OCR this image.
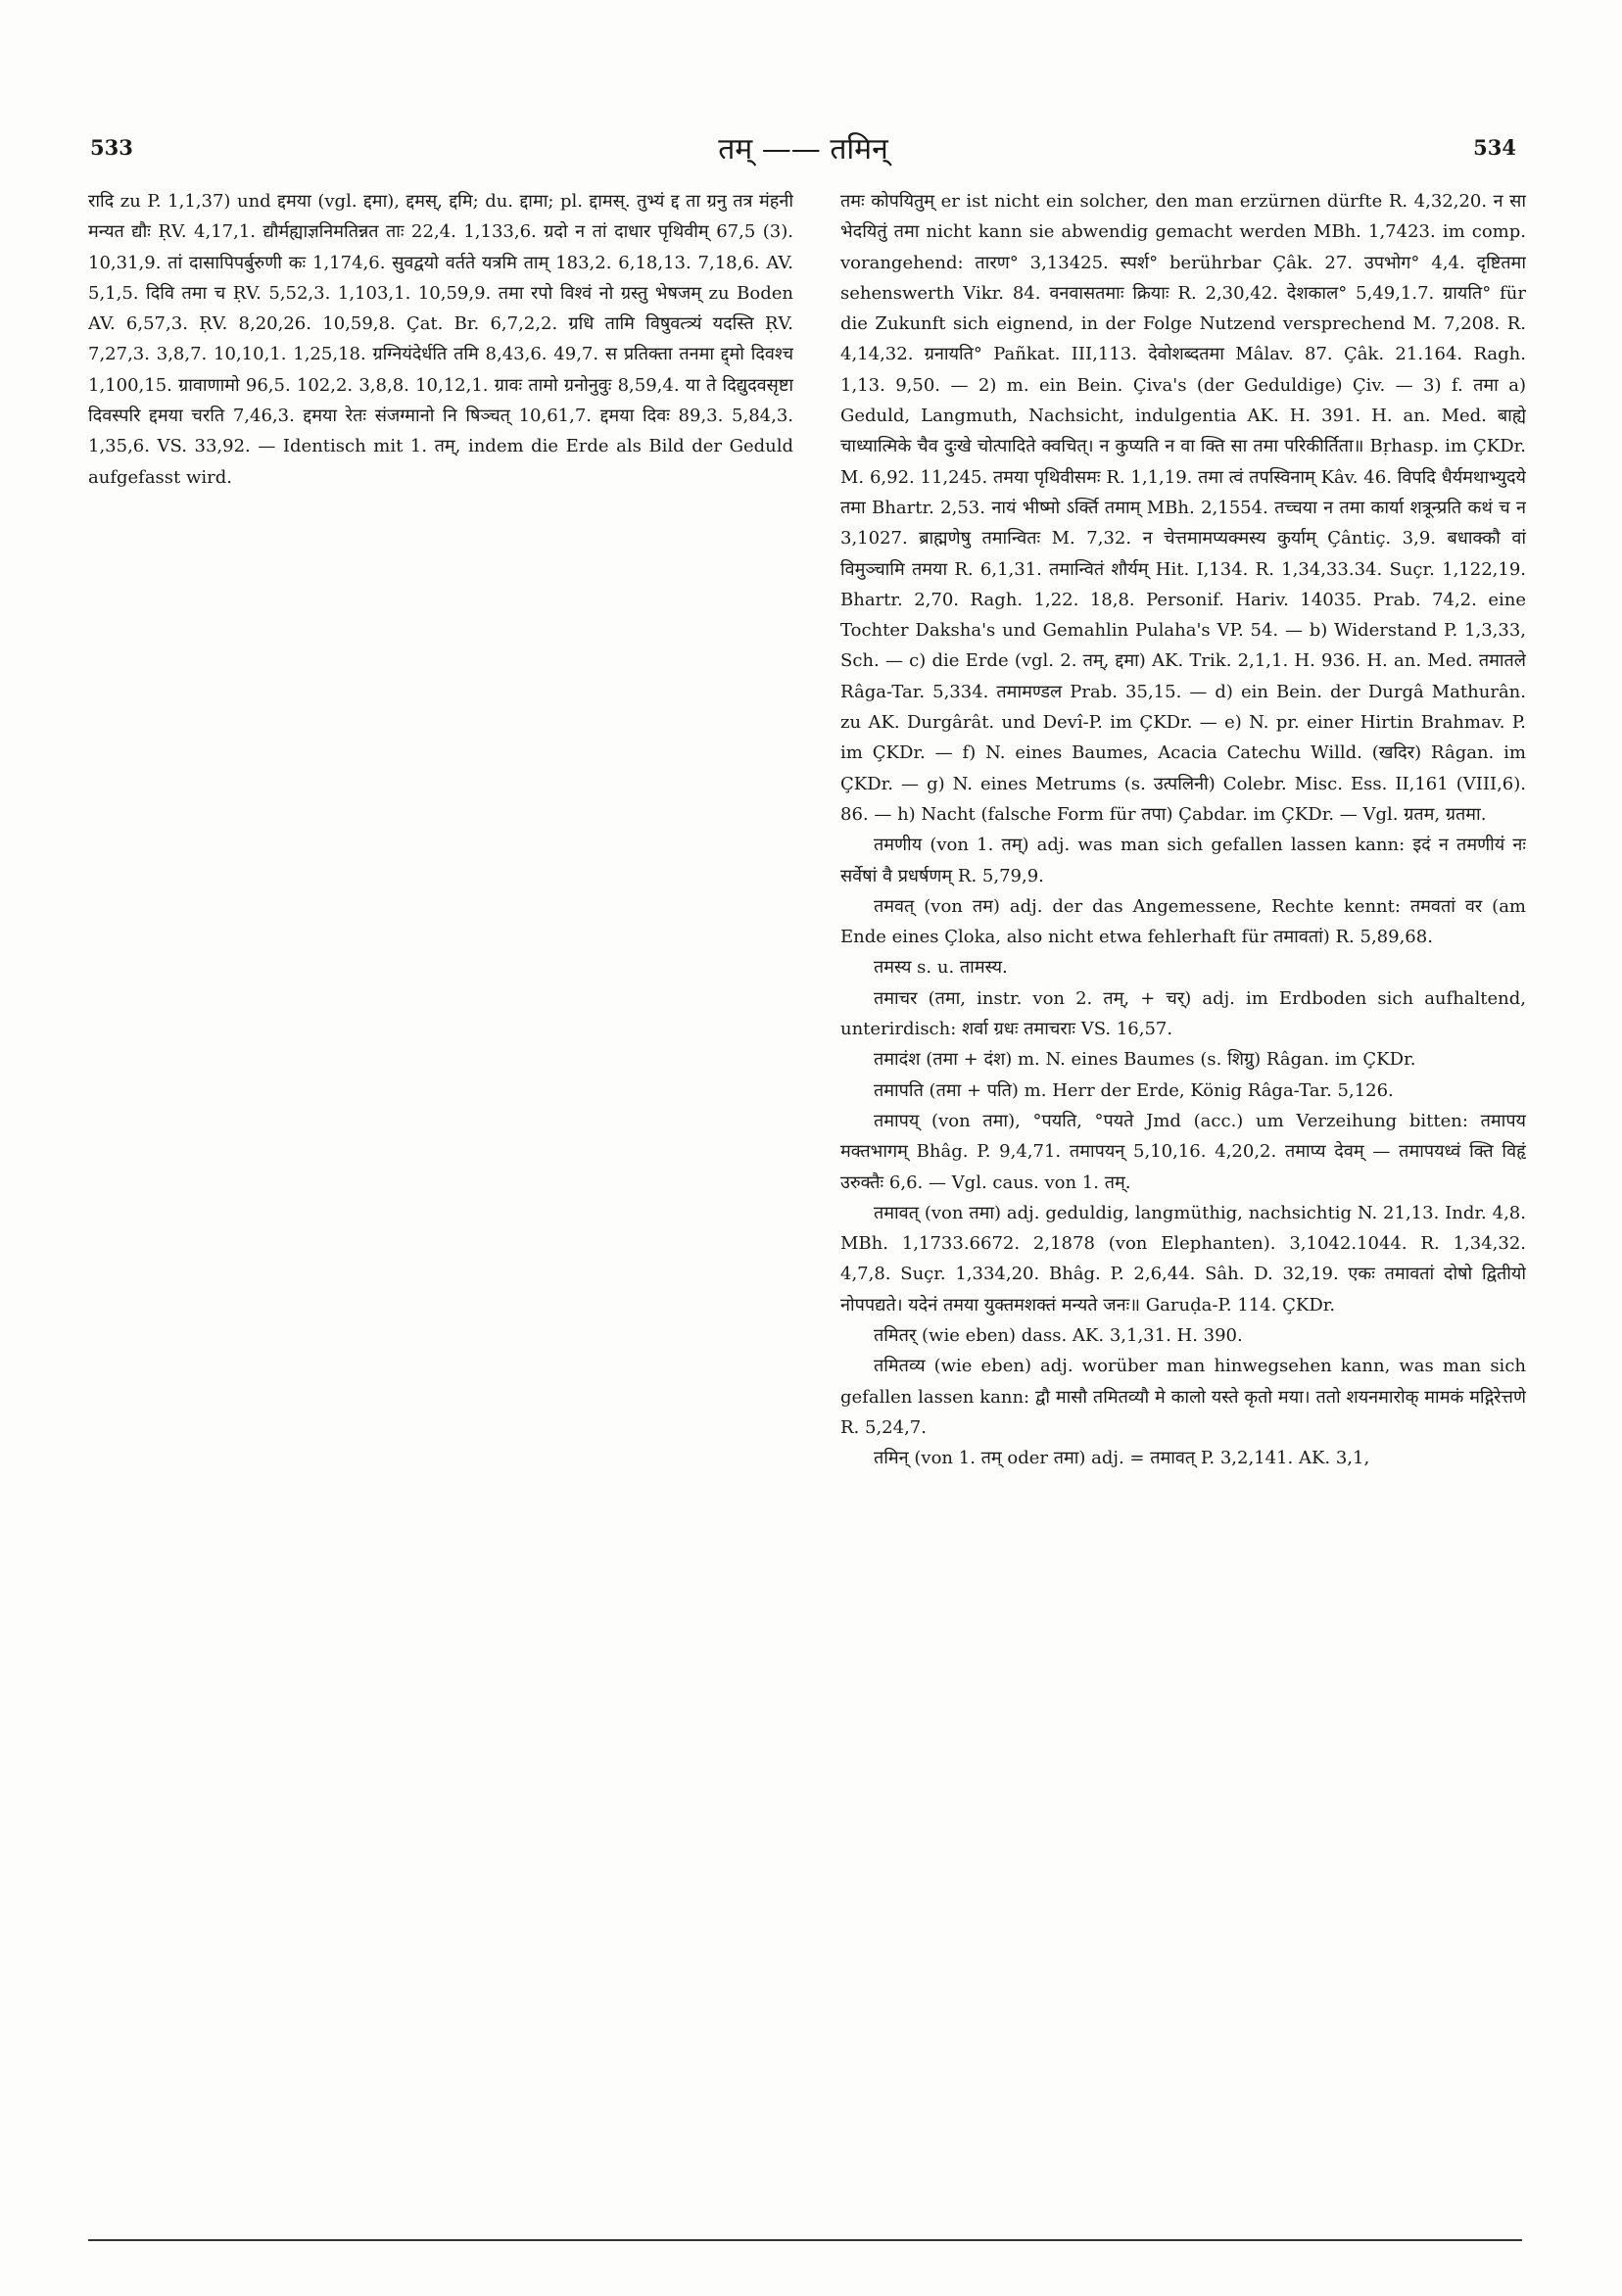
533	तम् —— तमिन्	534

रादि zu P. 1,1,37) und द्दमया (vgl. द्दमा), द्दमस्, द्दमि; du. द्दामा; pl. द्दामस्. तुभ्यं द्द ता ग्रनु तत्र मंहनी मन्यत द्यौः ṚV. 4,17,1. द्यौर्मह्याज्ञनिमतिन्नत ताः 22,4. 1,133,6. ग्रदो न तां दाधार पृथिवीम् 67,5 (3). 10,31,9. तां दासापिपर्बुरुणी कः 1,174,6. सुवद्वयो वर्तते यत्रमि ताम् 183,2. 6,18,13. 7,18,6. AV. 5,1,5. दिवि तमा च ṚV. 5,52,3. 1,103,1. 10,59,9. तमा रपो विश्वं नो ग्रस्तु भेषजम् zu Boden AV. 6,57,3. ṚV. 8,20,26. 10,59,8. Çat. Br. 6,7,2,2. ग्रधि तामि विषुवत्त्र्यं यदस्ति ṚV. 7,27,3. 3,8,7. 10,10,1. 1,25,18. ग्रग्नियंदेर्धति तमि 8,43,6. 49,7. स प्रतिक्ता तनमा द्द्मो दिवश्च 1,100,15. ग्रावाणामो 96,5. 102,2. 3,8,8. 10,12,1. ग्रावः तामो ग्रनोनुवुः 8,59,4. या ते दिद्युदवसृष्टा दिवस्परि द्दमया चरति 7,46,3. द्दमया रेतः संजग्मानो नि षिञ्चत् 10,61,7. द्दमया दिवः 89,3. 5,84,3. 1,35,6. VS. 33,92. — Identisch mit 1. तम्, indem die Erde als Bild der Geduld aufgefasst wird.

तमः कोपयितुम् er ist nicht ein solcher, den man erzürnen dürfte R. 4,32,20. न सा भेदयितुं तमा nicht kann sie abwendig gemacht werden MBh. 1,7423. im comp. vorangehend: तारण° 3,13425. स्पर्श° berührbar Çâk. 27. उपभोग° 4,4. दृष्टितमा sehenswerth Vikr. 84. वनवासतमाः क्रियाः R. 2,30,42. देशकाल° 5,49,1.7. ग्रायति° für die Zukunft sich eignend, in der Folge Nutzend versprechend M. 7,208. R. 4,14,32. ग्रनायति° Pañkat. III,113. देवोशब्दतमा Mâlav. 87. Çâk. 21.164. Ragh. 1,13. 9,50. — 2) m. ein Bein. Çiva's (der Geduldige) Çiv. — 3) f. तमा a) Geduld, Langmuth, Nachsicht, indulgentia AK. H. 391. H. an. Med. बाह्ये चाध्यात्मिके चैव दुःखे चोत्पादिते क्वचित्। न कुप्यति न वा क्ति सा तमा परिकीर्तिता॥ Bṛhasp. im ÇKDr. M. 6,92. 11,245. तमया पृथिवीसमः R. 1,1,19. तमा त्वं तपस्विनाम् Kâv. 46. विपदि धैर्यमथाभ्युदये तमा Bhartr. 2,53. नायं भीष्मो ऽर्क्ति तमाम् MBh. 2,1554. तच्चया न तमा कार्या शत्रून्प्रति कथं च न 3,1027. ब्राह्मणेषु तमान्वितः M. 7,32. न चेत्तमामप्यक्मस्य कुर्याम् Çântiç. 3,9. बधाक्कौ वां विमुञ्चामि तमया R. 6,1,31. तमान्वितं शौर्यम् Hit. I,134. R. 1,34,33.34. Suçr. 1,122,19. Bhartr. 2,70. Ragh. 1,22. 18,8. Personif. Hariv. 14035. Prab. 74,2. eine Tochter Daksha's und Gemahlin Pulaha's VP. 54. — b) Widerstand P. 1,3,33, Sch. — c) die Erde (vgl. 2. तम्, द्दमा) AK. Trik. 2,1,1. H. 936. H. an. Med. तमातले Râga-Tar. 5,334. तमामण्डल Prab. 35,15. — d) ein Bein. der Durgâ Mathurân. zu AK. Durgârât. und Devî-P. im ÇKDr. — e) N. pr. einer Hirtin Brahmav. P. im ÇKDr. — f) N. eines Baumes, Acacia Catechu Willd. (खदिर) Râgan. im ÇKDr. — g) N. eines Metrums (s. उत्पलिनी) Colebr. Misc. Ess. II,161 (VIII,6). 86. — h) Nacht (falsche Form für तपा) Çabdar. im ÇKDr. — Vgl. ग्रतम, ग्रतमा.

तमणीय (von 1. तम्) adj. was man sich gefallen lassen kann: इदं न तमणीयं नः सर्वेषां वै प्रधर्षणम् R. 5,79,9.

तमवत् (von तम) adj. der das Angemessene, Rechte kennt: तमवतां वर (am Ende eines Çloka, also nicht etwa fehlerhaft für तमावतां) R. 5,89,68.

तमस्य s. u. तामस्य.

तमाचर (तमा, instr. von 2. तम्, + चर्) adj. im Erdboden sich aufhaltend, unterirdisch: शर्वा ग्रधः तमाचराः VS. 16,57.

तमादंश (तमा + दंश) m. N. eines Baumes (s. शिग्रु) Râgan. im ÇKDr.

तमापति (तमा + पति) m. Herr der Erde, König Râga-Tar. 5,126.

तमापय् (von तमा), °पयति, °पयते Jmd (acc.) um Verzeihung bitten: तमापय मक्तभागम् Bhâg. P. 9,4,71. तमापयन् 5,10,16. 4,20,2. तमाप्य देवम् — तमापयध्वं क्ति विहृं उरुक्तैः 6,6. — Vgl. caus. von 1. तम्.

तमावत् (von तमा) adj. geduldig, langmüthig, nachsichtig N. 21,13. Indr. 4,8. MBh. 1,1733.6672. 2,1878 (von Elephanten). 3,1042.1044. R. 1,34,32. 4,7,8. Suçr. 1,334,20. Bhâg. P. 2,6,44. Sâh. D. 32,19. एकः तमावतां दोषो द्वितीयो नोपपद्यते। यदेनं तमया युक्तमशक्तं मन्यते जनः॥ Garuḍa-P. 114. ÇKDr.

तमितर् (wie eben) dass. AK. 3,1,31. H. 390.

तमितव्य (wie eben) adj. worüber man hinwegsehen kann, was man sich gefallen lassen kann: द्वौ मासौ तमितव्यौ मे कालो यस्ते कृतो मया। ततो शयनमारोक् मामकं मद्गिरेत्तणे R. 5,24,7.

तमिन् (von 1. तम् oder तमा) adj. = तमावत् P. 3,2,141. AK. 3,1,
